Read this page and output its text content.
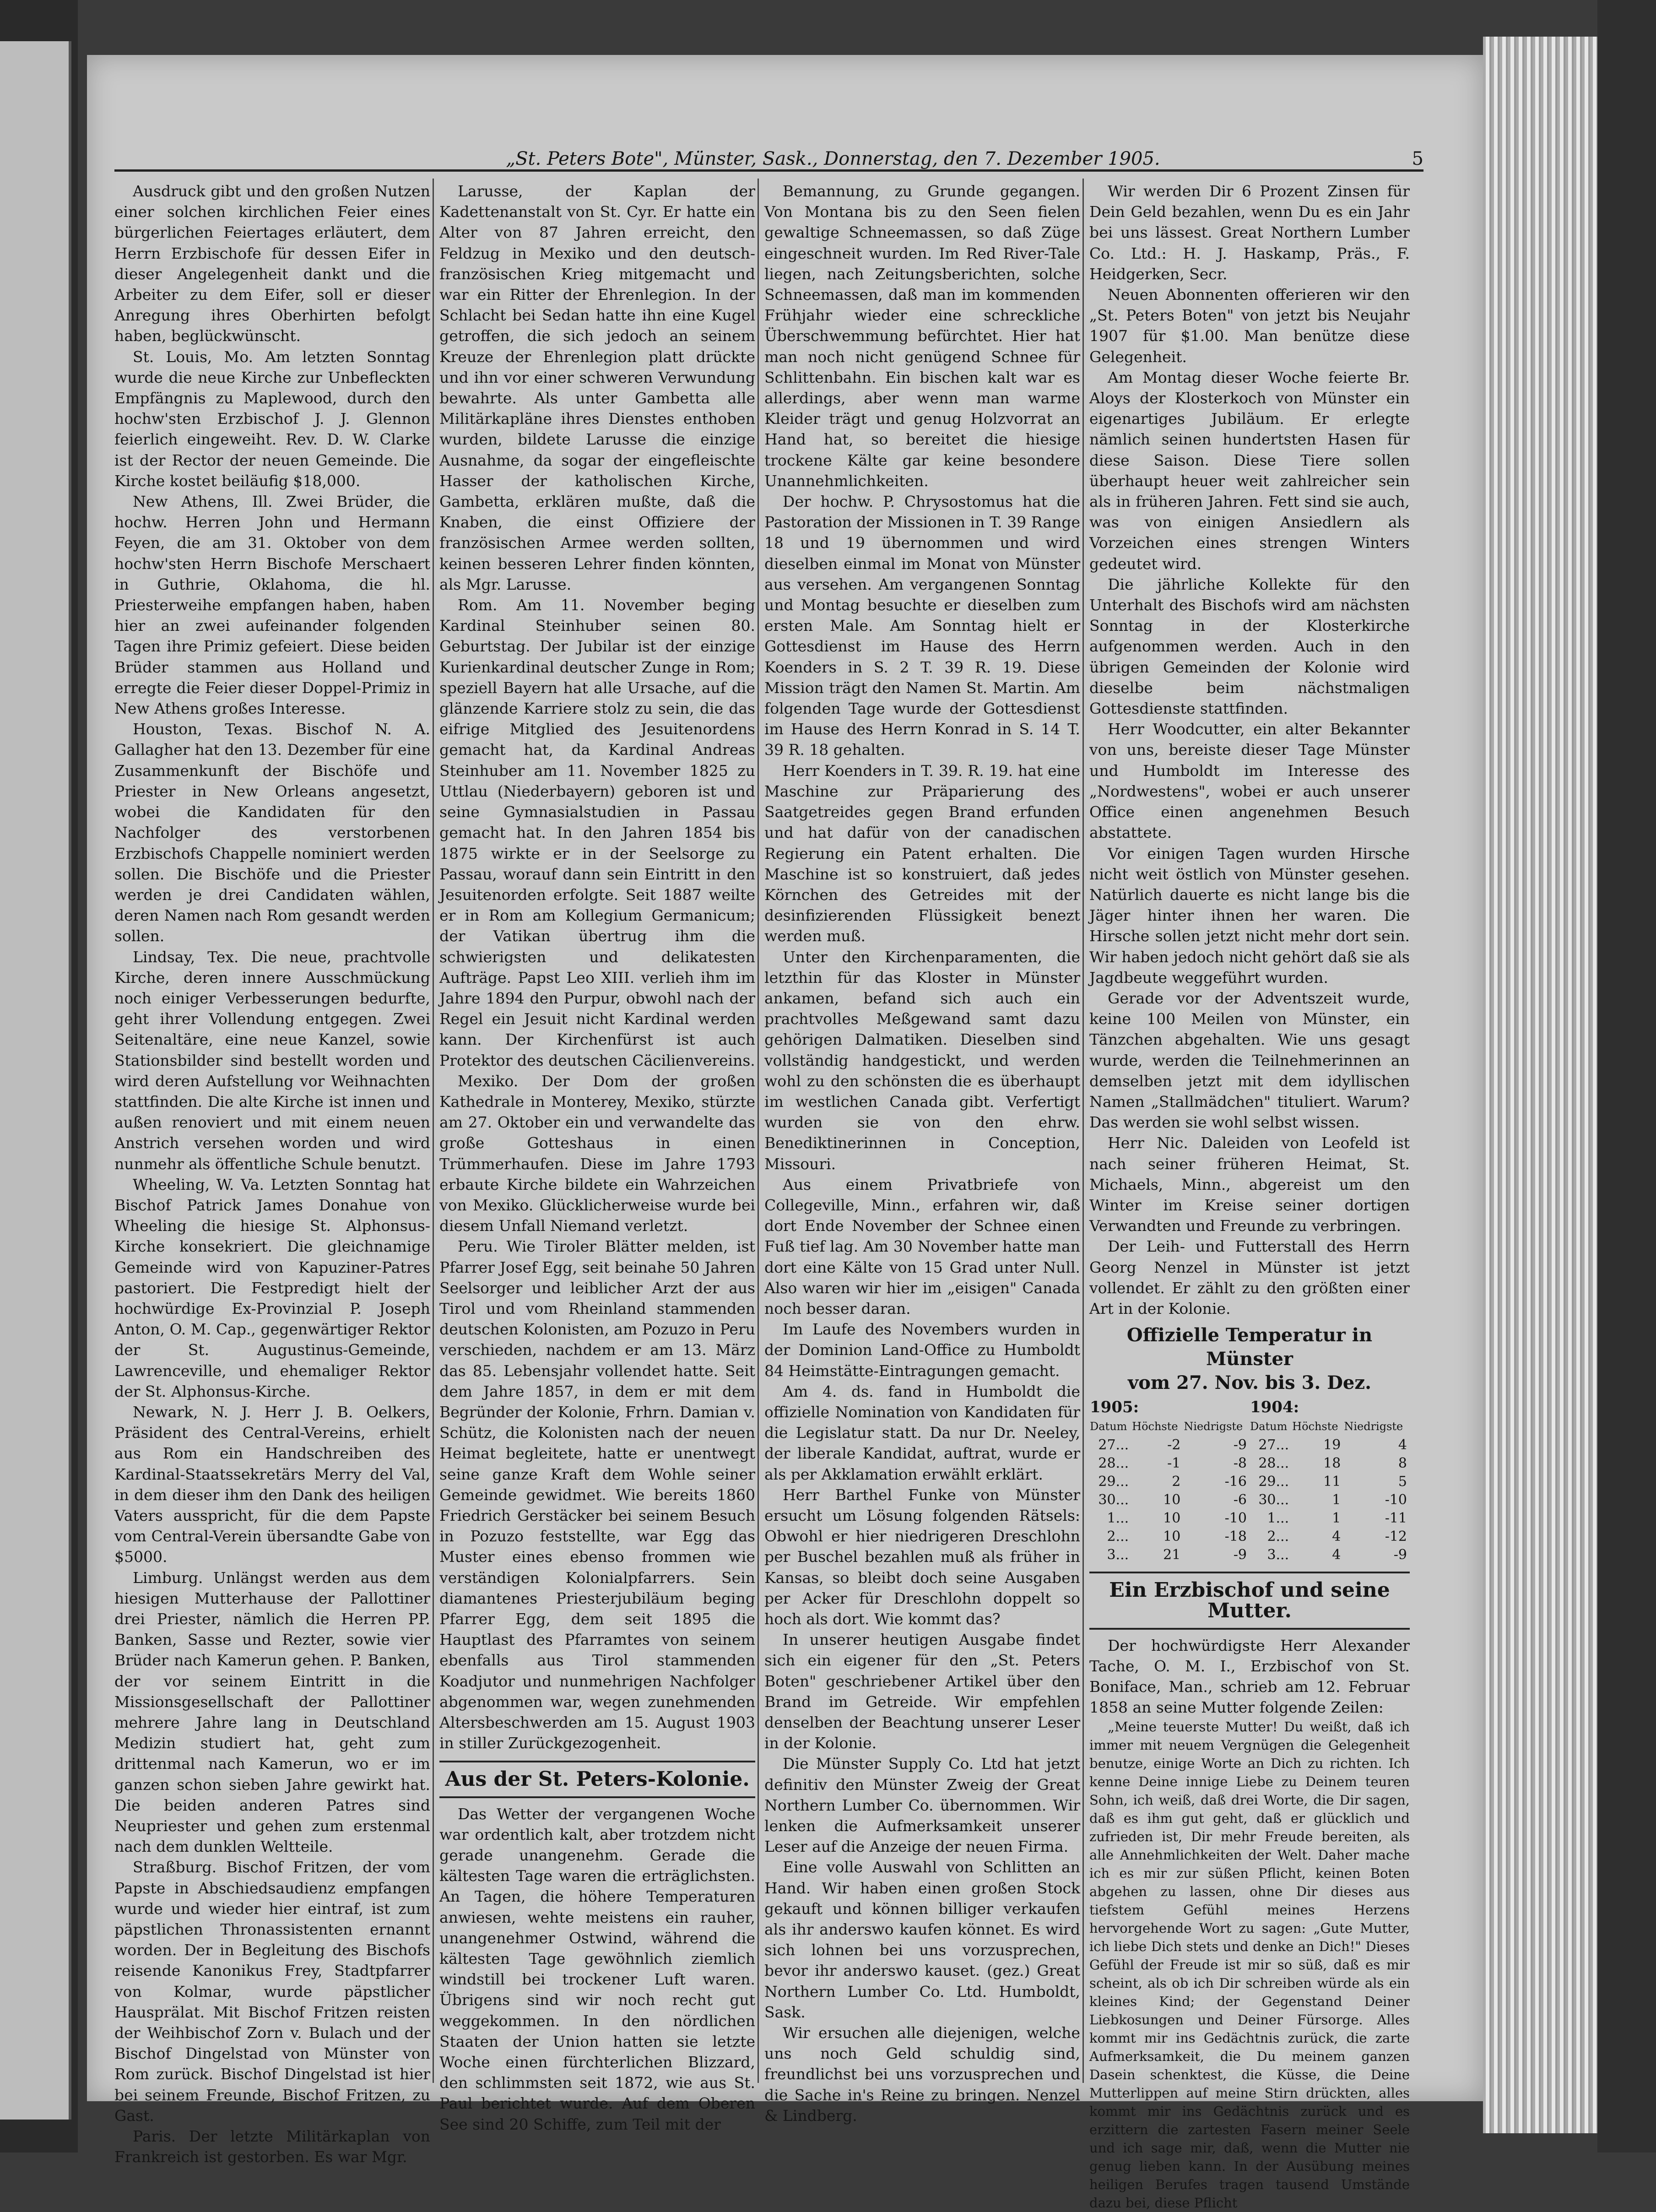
„St. Peters Bote", Münster, Sask., Donnerstag, den 7. Dezember 1905.	5

Ausdruck gibt und den großen Nutzen einer solchen kirchlichen Feier eines bürgerlichen Feiertages erläutert, dem Herrn Erzbischofe für dessen Eifer in dieser Angelegenheit dankt und die Arbeiter zu dem Eifer, soll er dieser Anregung ihres Oberhirten befolgt haben, beglückwünscht.

St. Louis, Mo. Am letzten Sonntag wurde die neue Kirche zur Unbefleckten Empfängnis zu Maplewood, durch den hochw'sten Erzbischof J. J. Glennon feierlich eingeweiht. Rev. D. W. Clarke ist der Rector der neuen Gemeinde. Die Kirche kostet beiläufig $18,000.

New Athens, Ill. Zwei Brüder, die hochw. Herren John und Hermann Feyen, die am 31. Oktober von dem hochw'sten Herrn Bischofe Merschaert in Guthrie, Oklahoma, die hl. Priesterweihe empfangen haben, haben hier an zwei aufeinander folgenden Tagen ihre Primiz gefeiert. Diese beiden Brüder stammen aus Holland und erregte die Feier dieser Doppel-Primiz in New Athens großes Interesse.

Houston, Texas. Bischof N. A. Gallagher hat den 13. Dezember für eine Zusammenkunft der Bischöfe und Priester in New Orleans angesetzt, wobei die Kandidaten für den Nachfolger des verstorbenen Erzbischofs Chappelle nominiert werden sollen. Die Bischöfe und die Priester werden je drei Candidaten wählen, deren Namen nach Rom gesandt werden sollen.

Lindsay, Tex. Die neue, prachtvolle Kirche, deren innere Ausschmückung noch einiger Verbesserungen bedurfte, geht ihrer Vollendung entgegen. Zwei Seitenaltäre, eine neue Kanzel, sowie Stationsbilder sind bestellt worden und wird deren Aufstellung vor Weihnachten stattfinden. Die alte Kirche ist innen und außen renoviert und mit einem neuen Anstrich versehen worden und wird nunmehr als öffentliche Schule benutzt.

Wheeling, W. Va. Letzten Sonntag hat Bischof Patrick James Donahue von Wheeling die hiesige St. Alphonsus-Kirche konsekriert. Die gleichnamige Gemeinde wird von Kapuziner-Patres pastoriert. Die Festpredigt hielt der hochwürdige Ex-Provinzial P. Joseph Anton, O. M. Cap., gegenwärtiger Rektor der St. Augustinus-Gemeinde, Lawrenceville, und ehemaliger Rektor der St. Alphonsus-Kirche.

Newark, N. J. Herr J. B. Oelkers, Präsident des Central-Vereins, erhielt aus Rom ein Handschreiben des Kardinal-Staatssekretärs Merry del Val, in dem dieser ihm den Dank des heiligen Vaters ausspricht, für die dem Papste vom Central-Verein übersandte Gabe von $5000.

Limburg. Unlängst werden aus dem hiesigen Mutterhause der Pallottiner drei Priester, nämlich die Herren PP. Banken, Sasse und Rezter, sowie vier Brüder nach Kamerun gehen. P. Banken, der vor seinem Eintritt in die Missionsgesellschaft der Pallottiner mehrere Jahre lang in Deutschland Medizin studiert hat, geht zum drittenmal nach Kamerun, wo er im ganzen schon sieben Jahre gewirkt hat. Die beiden anderen Patres sind Neupriester und gehen zum erstenmal nach dem dunklen Weltteile.

Straßburg. Bischof Fritzen, der vom Papste in Abschiedsaudienz empfangen wurde und wieder hier eintraf, ist zum päpstlichen Thronassistenten ernannt worden. Der in Begleitung des Bischofs reisende Kanonikus Frey, Stadtpfarrer von Kolmar, wurde päpstlicher Hausprälat. Mit Bischof Fritzen reisten der Weihbischof Zorn v. Bulach und der Bischof Dingelstad von Münster von Rom zurück. Bischof Dingelstad ist hier bei seinem Freunde, Bischof Fritzen, zu Gast.

Paris. Der letzte Militärkaplan von Frankreich ist gestorben. Es war Mgr.

Larusse, der Kaplan der Kadettenanstalt von St. Cyr. Er hatte ein Alter von 87 Jahren erreicht, den Feldzug in Mexiko und den deutsch-französischen Krieg mitgemacht und war ein Ritter der Ehrenlegion. In der Schlacht bei Sedan hatte ihn eine Kugel getroffen, die sich jedoch an seinem Kreuze der Ehrenlegion platt drückte und ihn vor einer schweren Verwundung bewahrte. Als unter Gambetta alle Militärkapläne ihres Dienstes enthoben wurden, bildete Larusse die einzige Ausnahme, da sogar der eingefleischte Hasser der katholischen Kirche, Gambetta, erklären mußte, daß die Knaben, die einst Offiziere der französischen Armee werden sollten, keinen besseren Lehrer finden könnten, als Mgr. Larusse.

Rom. Am 11. November beging Kardinal Steinhuber seinen 80. Geburtstag. Der Jubilar ist der einzige Kurienkardinal deutscher Zunge in Rom; speziell Bayern hat alle Ursache, auf die glänzende Karriere stolz zu sein, die das eifrige Mitglied des Jesuitenordens gemacht hat, da Kardinal Andreas Steinhuber am 11. November 1825 zu Uttlau (Niederbayern) geboren ist und seine Gymnasialstudien in Passau gemacht hat. In den Jahren 1854 bis 1875 wirkte er in der Seelsorge zu Passau, worauf dann sein Eintritt in den Jesuitenorden erfolgte. Seit 1887 weilte er in Rom am Kollegium Germanicum; der Vatikan übertrug ihm die schwierigsten und delikatesten Aufträge. Papst Leo XIII. verlieh ihm im Jahre 1894 den Purpur, obwohl nach der Regel ein Jesuit nicht Kardinal werden kann. Der Kirchenfürst ist auch Protektor des deutschen Cäcilienvereins.

Mexiko. Der Dom der großen Kathedrale in Monterey, Mexiko, stürzte am 27. Oktober ein und verwandelte das große Gotteshaus in einen Trümmerhaufen. Diese im Jahre 1793 erbaute Kirche bildete ein Wahrzeichen von Mexiko. Glücklicherweise wurde bei diesem Unfall Niemand verletzt.

Peru. Wie Tiroler Blätter melden, ist Pfarrer Josef Egg, seit beinahe 50 Jahren Seelsorger und leiblicher Arzt der aus Tirol und vom Rheinland stammenden deutschen Kolonisten, am Pozuzo in Peru verschieden, nachdem er am 13. März das 85. Lebensjahr vollendet hatte. Seit dem Jahre 1857, in dem er mit dem Begründer der Kolonie, Frhrn. Damian v. Schütz, die Kolonisten nach der neuen Heimat begleitete, hatte er unentwegt seine ganze Kraft dem Wohle seiner Gemeinde gewidmet. Wie bereits 1860 Friedrich Gerstäcker bei seinem Besuch in Pozuzo feststellte, war Egg das Muster eines ebenso frommen wie verständigen Kolonialpfarrers. Sein diamantenes Priesterjubiläum beging Pfarrer Egg, dem seit 1895 die Hauptlast des Pfarramtes von seinem ebenfalls aus Tirol stammenden Koadjutor und nunmehrigen Nachfolger abgenommen war, wegen zunehmenden Altersbeschwerden am 15. August 1903 in stiller Zurückgezogenheit.

Aus der St. Peters-Kolonie.

Das Wetter der vergangenen Woche war ordentlich kalt, aber trotzdem nicht gerade unangenehm. Gerade die kältesten Tage waren die erträglichsten. An Tagen, die höhere Temperaturen anwiesen, wehte meistens ein rauher, unangenehmer Ostwind, während die kältesten Tage gewöhnlich ziemlich windstill bei trockener Luft waren. Übrigens sind wir noch recht gut weggekommen. In den nördlichen Staaten der Union hatten sie letzte Woche einen fürchterlichen Blizzard, den schlimmsten seit 1872, wie aus St. Paul berichtet wurde. Auf dem Oberen See sind 20 Schiffe, zum Teil mit der

Bemannung, zu Grunde gegangen. Von Montana bis zu den Seen fielen gewaltige Schneemassen, so daß Züge eingeschneit wurden. Im Red River-Tale liegen, nach Zeitungsberichten, solche Schneemassen, daß man im kommenden Frühjahr wieder eine schreckliche Überschwemmung befürchtet. Hier hat man noch nicht genügend Schnee für Schlittenbahn. Ein bischen kalt war es allerdings, aber wenn man warme Kleider trägt und genug Holzvorrat an Hand hat, so bereitet die hiesige trockene Kälte gar keine besondere Unannehmlichkeiten.

Der hochw. P. Chrysostomus hat die Pastoration der Missionen in T. 39 Range 18 und 19 übernommen und wird dieselben einmal im Monat von Münster aus versehen. Am vergangenen Sonntag und Montag besuchte er dieselben zum ersten Male. Am Sonntag hielt er Gottesdienst im Hause des Herrn Koenders in S. 2 T. 39 R. 19. Diese Mission trägt den Namen St. Martin. Am folgenden Tage wurde der Gottesdienst im Hause des Herrn Konrad in S. 14 T. 39 R. 18 gehalten.

Herr Koenders in T. 39. R. 19. hat eine Maschine zur Präparierung des Saatgetreides gegen Brand erfunden und hat dafür von der canadischen Regierung ein Patent erhalten. Die Maschine ist so konstruiert, daß jedes Körnchen des Getreides mit der desinfizierenden Flüssigkeit benezt werden muß.

Unter den Kirchenparamenten, die letzthin für das Kloster in Münster ankamen, befand sich auch ein prachtvolles Meßgewand samt dazu gehörigen Dalmatiken. Dieselben sind vollständig handgestickt, und werden wohl zu den schönsten die es überhaupt im westlichen Canada gibt. Verfertigt wurden sie von den ehrw. Benediktinerinnen in Conception, Missouri.

Aus einem Privatbriefe von Collegeville, Minn., erfahren wir, daß dort Ende November der Schnee einen Fuß tief lag. Am 30 November hatte man dort eine Kälte von 15 Grad unter Null. Also waren wir hier im „eisigen" Canada noch besser daran.

Im Laufe des Novembers wurden in der Dominion Land-Office zu Humboldt 84 Heimstätte-Eintragungen gemacht.

Am 4. ds. fand in Humboldt die offizielle Nomination von Kandidaten für die Legislatur statt. Da nur Dr. Neeley, der liberale Kandidat, auftrat, wurde er als per Akklamation erwählt erklärt.

Herr Barthel Funke von Münster ersucht um Lösung folgenden Rätsels: Obwohl er hier niedrigeren Dreschlohn per Buschel bezahlen muß als früher in Kansas, so bleibt doch seine Ausgaben per Acker für Dreschlohn doppelt so hoch als dort. Wie kommt das?

In unserer heutigen Ausgabe findet sich ein eigener für den „St. Peters Boten" geschriebener Artikel über den Brand im Getreide. Wir empfehlen denselben der Beachtung unserer Leser in der Kolonie.

Die Münster Supply Co. Ltd hat jetzt definitiv den Münster Zweig der Great Northern Lumber Co. übernommen. Wir lenken die Aufmerksamkeit unserer Leser auf die Anzeige der neuen Firma.

Eine volle Auswahl von Schlitten an Hand. Wir haben einen großen Stock gekauft und können billiger verkaufen als ihr anderswo kaufen könnet. Es wird sich lohnen bei uns vorzusprechen, bevor ihr anderswo kauset. (gez.) Great Northern Lumber Co. Ltd. Humboldt, Sask.

Wir ersuchen alle diejenigen, welche uns noch Geld schuldig sind, freundlichst bei uns vorzusprechen und die Sache in's Reine zu bringen. Nenzel & Lindberg.

Wir werden Dir 6 Prozent Zinsen für Dein Geld bezahlen, wenn Du es ein Jahr bei uns lässest. Great Northern Lumber Co. Ltd.: H. J. Haskamp, Präs., F. Heidgerken, Secr.

Neuen Abonnenten offerieren wir den „St. Peters Boten" von jetzt bis Neujahr 1907 für $1.00. Man benütze diese Gelegenheit.

Am Montag dieser Woche feierte Br. Aloys der Klosterkoch von Münster ein eigenartiges Jubiläum. Er erlegte nämlich seinen hundertsten Hasen für diese Saison. Diese Tiere sollen überhaupt heuer weit zahlreicher sein als in früheren Jahren. Fett sind sie auch, was von einigen Ansiedlern als Vorzeichen eines strengen Winters gedeutet wird.

Die jährliche Kollekte für den Unterhalt des Bischofs wird am nächsten Sonntag in der Klosterkirche aufgenommen werden. Auch in den übrigen Gemeinden der Kolonie wird dieselbe beim nächstmaligen Gottesdienste stattfinden.

Herr Woodcutter, ein alter Bekannter von uns, bereiste dieser Tage Münster und Humboldt im Interesse des „Nordwestens", wobei er auch unserer Office einen angenehmen Besuch abstattete.

Vor einigen Tagen wurden Hirsche nicht weit östlich von Münster gesehen. Natürlich dauerte es nicht lange bis die Jäger hinter ihnen her waren. Die Hirsche sollen jetzt nicht mehr dort sein. Wir haben jedoch nicht gehört daß sie als Jagdbeute weggeführt wurden.

Gerade vor der Adventszeit wurde, keine 100 Meilen von Münster, ein Tänzchen abgehalten. Wie uns gesagt wurde, werden die Teilnehmerinnen an demselben jetzt mit dem idyllischen Namen „Stallmädchen" tituliert. Warum? Das werden sie wohl selbst wissen.

Herr Nic. Daleiden von Leofeld ist nach seiner früheren Heimat, St. Michaels, Minn., abgereist um den Winter im Kreise seiner dortigen Verwandten und Freunde zu verbringen.

Der Leih- und Futterstall des Herrn Georg Nenzel in Münster ist jetzt vollendet. Er zählt zu den größten einer Art in der Kolonie.

Offizielle Temperatur in Münster
vom 27. Nov. bis 3. Dez.
1905:			1904:		
Datum	Höchste	Niedrigste	Datum	Höchste	Niedrigste
27...	-2	-9	27...	19	4
28...	-1	-8	28...	18	8
29...	2	-16	29...	11	5
30...	10	-6	30...	1	-10
1...	10	-10	1...	1	-11
2...	10	-18	2...	4	-12
3...	21	-9	3...	4	-9
Ein Erzbischof und seine Mutter.

Der hochwürdigste Herr Alexander Tache, O. M. I., Erzbischof von St. Boniface, Man., schrieb am 12. Februar 1858 an seine Mutter folgende Zeilen:

„Meine teuerste Mutter! Du weißt, daß ich immer mit neuem Vergnügen die Gelegenheit benutze, einige Worte an Dich zu richten. Ich kenne Deine innige Liebe zu Deinem teuren Sohn, ich weiß, daß drei Worte, die Dir sagen, daß es ihm gut geht, daß er glücklich und zufrieden ist, Dir mehr Freude bereiten, als alle Annehmlichkeiten der Welt. Daher mache ich es mir zur süßen Pflicht, keinen Boten abgehen zu lassen, ohne Dir dieses aus tiefstem Gefühl meines Herzens hervorgehende Wort zu sagen: „Gute Mutter, ich liebe Dich stets und denke an Dich!" Dieses Gefühl der Freude ist mir so süß, daß es mir scheint, als ob ich Dir schreiben würde als ein kleines Kind; der Gegenstand Deiner Liebkosungen und Deiner Fürsorge. Alles kommt mir ins Gedächtnis zurück, die zarte Aufmerksamkeit, die Du meinem ganzen Dasein schenktest, die Küsse, die Deine Mutterlippen auf meine Stirn drückten, alles kommt mir ins Gedächtnis zurück und es erzittern die zartesten Fasern meiner Seele und ich sage mir, daß, wenn die Mutter nie genug lieben kann. In der Ausübung meines heiligen Berufes tragen tausend Umstände dazu bei, diese Pflicht
